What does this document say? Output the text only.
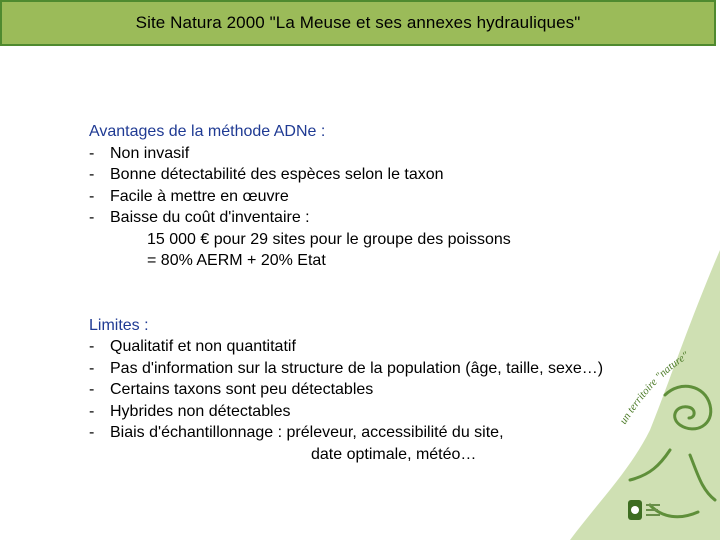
Site Natura 2000 "La Meuse et ses annexes hydrauliques"
Avantages de la méthode ADNe :
- Non invasif
- Bonne détectabilité des espèces selon le taxon
- Facile à mettre en œuvre
- Baisse du coût d'inventaire :
15 000 € pour 29 sites pour le groupe des poissons
= 80% AERM + 20% Etat
Limites :
- Qualitatif et non quantitatif
- Pas d'information sur la structure de la population (âge, taille, sexe…)
- Certains taxons sont peu détectables
- Hybrides non détectables
- Biais d'échantillonnage : préleveur, accessibilité du site,
date optimale, météo…
un territoire "nature"
